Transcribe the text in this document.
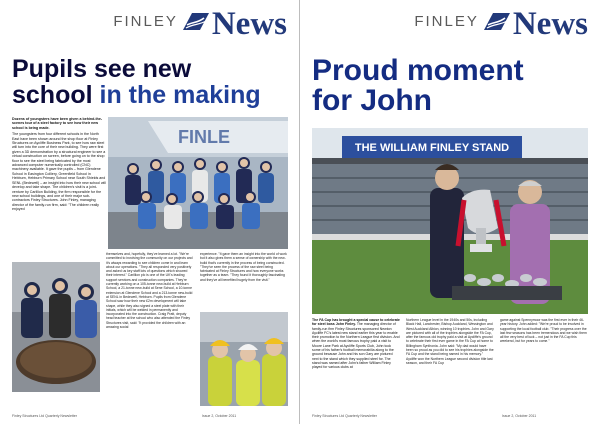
FINLEY News
Pupils see new
school in the making
Dozens of youngsters have been given a behind-the-scenes tour of a steel factory to see how their new school is being made.
The youngsters from four different schools in the North East have been shown around the shop floor at Finley Structures on Aycliffe Business Park, to see how raw steel will turn into the core of their new building. They were first given a 3D demonstration by a structural engineer to see a virtual construction on screen, before going on to the shop floor to see the steel being fabricated by the most advanced computer numerically controlled (CNC) machinery available. It gave the pupils – from Glendene School in Easington Colliery, Greenfield School in Hebburn, Hebburn Primary School near South Shields and SENL (Bedewell) – an insight into how their new school will develop and take shape. The children's visit is a joint-venture by Carillion Building, the firm responsible for the new school buildings, and one of their major sub-contractors Finley Structures. John Finley, managing director of the family-run firm, said: "The children really enjoyed
FINLE
themselves and, hopefully, they've learned a lot. "We're committed to involving the community on our projects and it's always rewarding to see children come in and learn about our operations. "They all responded very positively and asked us key staff lots of questions which showed their interest." Carillion plc is one of the UK's leading support services and construction companies. They're currently working on a 105-tonne new-build at Hebburn School, a 21-tonne new-build at Sene School, a 10-tonne extension at Glendene School and a 213-tonne new-build at SENL in Bedewell, Hebburn. Pupils from Glendene School saw how their new £2m development will take shape, while they also signed a steel plate with their initials, which will be welded in permanently and incorporated into the construction. Craig Pratt, deputy head teacher at the school who also attended the Finley Structures visit, said: "It provided the children with an amazing social
experience. "It gave them an insight into the world of work but it also gives them a sense of ownership with the new-build that's currently in the process of being constructed. "They've seen the process of the raw steel being fabricated at Finley Structures and how everyone works together as a team. "They found it thoroughly fascinating and they've all benefited hugely from the visit."
Finley Structures Ltd Quarterly Newsletter	Issue 2, October 2011
FINLEY News
Proud moment
for John
THE WILLIAM FINLEY STAND
The FA Cup has brought a special cause to celebrate for steel boss John Finley. The managing director of family-run firm Finley Structures sponsored Newton Aycliffe FC's latest new stand earlier this year to enable their promotion to the Northern League first division. And when the world's most famous trophy paid a visit to Moore Lane Park at Aycliffe Sports Club, John took some of his father's football memorabilia along to the ground because John and his son Gary are pictured next to the stand which they supplied steel for. The stand was named after John's father William Finley played for various clubs at
Northern League level in the 1940s and 50s, including Black Hall, Lanchester, Bishop Auckland, Wessington and West Auckland Albion, winning 10 trophies. John and Gary are pictured with all of the trophies alongside the FA Cup, after the famous old trophy paid a visit at Aycliffe's ground to celebrate their first ever game in the FA Cup at home to Billingham Synthonia. John said: "My dad would have been so proud as you did to see his trophies alongside the FA Cup and the stand being named in his memory." Aycliffe won the Northern League second division title last season, and their FA Cup
game against Spennymoor was the first ever in their 46-year history. John added: "We're proud to be involved in supporting the local football club. "Their progress over the last few seasons has been tremendous and we wish them all the very best of luck – not just in the FA Cup this weekend, but for years to come."
Finley Structures Ltd Quarterly Newsletter	Issue 2, October 2011
